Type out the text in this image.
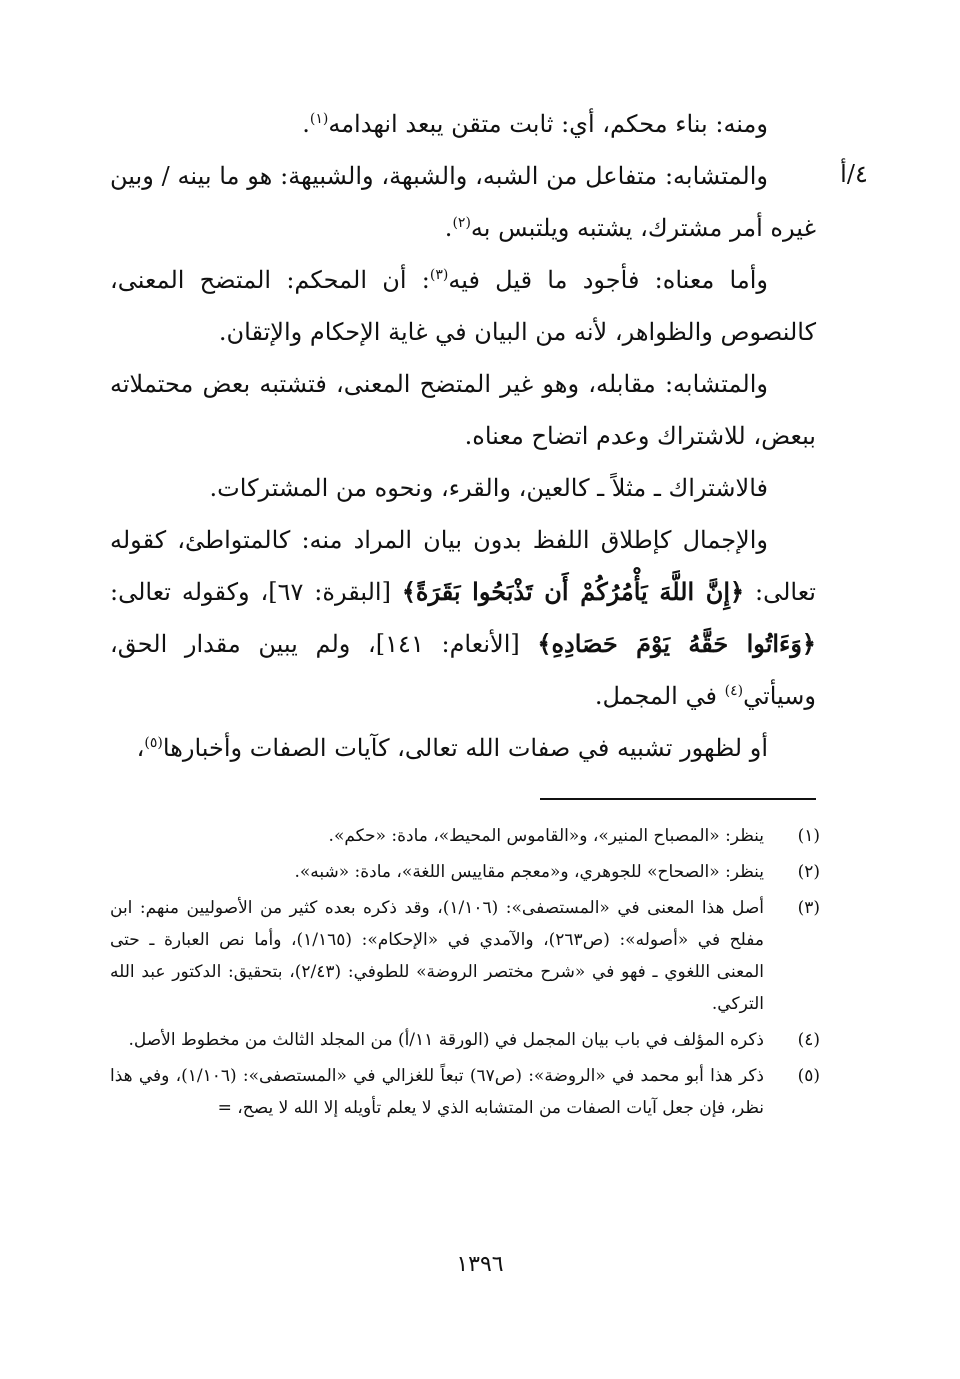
٤/أ

ومنه: بناء محكم، أي: ثابت متقن يبعد انهدامه$^{(١)}$.

والمتشابه: متفاعل من الشبه، والشبهة، والشبيهة: هو ما بينه / وبين غيره أمر مشترك، يشتبه ويلتبس به$^{(٢)}$.

وأما معناه: فأجود ما قيل فيه$^{(٣)}$: أن المحكم: المتضح المعنى، كالنصوص والظواهر، لأنه من البيان في غاية الإحكام والإتقان.

والمتشابه: مقابله، وهو غير المتضح المعنى، فتشتبه بعض محتملاته ببعض، للاشتراك وعدم اتضاح معناه.

فالاشتراك ـ مثلاً ـ كالعين، والقرء، ونحوه من المشتركات.

والإجمال كإطلاق اللفظ بدون بيان المراد منه: كالمتواطئ، كقوله تعالى: ﴿إِنَّ اللَّهَ يَأْمُرُكُمْ أَن تَذْبَحُوا بَقَرَةً﴾ [البقرة: ٦٧]، وكقوله تعالى: ﴿وَءَاتُوا حَقَّهُ يَوْمَ حَصَادِهِ﴾ [الأنعام: ١٤١]، ولم يبين مقدار الحق، وسيأتي$^{(٤)}$ في المجمل.

أو لظهور تشبيه في صفات الله تعالى، كآيات الصفات وأخبارها$^{(٥)}$،

(١)
ينظر: «المصباح المنير»، و«القاموس المحيط»، مادة: «حكم».
(٢)
ينظر: «الصحاح» للجوهري، و«معجم مقاييس اللغة»، مادة: «شبه».
(٣)
أصل هذا المعنى في «المستصفى»: (١/١٠٦)، وقد ذكره بعده كثير من الأصوليين منهم: ابن مفلح في «أصوله»: (ص٢٦٣)، والآمدي في «الإحكام»: (١/١٦٥)، وأما نص العبارة ـ حتى المعنى اللغوي ـ فهو في «شرح مختصر الروضة» للطوفي: (٢/٤٣)، بتحقيق: الدكتور عبد الله التركي.
(٤)
ذكره المؤلف في باب بيان المجمل في (الورقة ١١/أ) من المجلد الثالث من مخطوط الأصل.
(٥)
ذكر هذا أبو محمد في «الروضة»: (ص٦٧) تبعاً للغزالي في «المستصفى»: (١/١٠٦)، وفي هذا نظر، فإن جعل آيات الصفات من المتشابه الذي لا يعلم تأويله إلا الله لا يصح، =
١٣٩٦
